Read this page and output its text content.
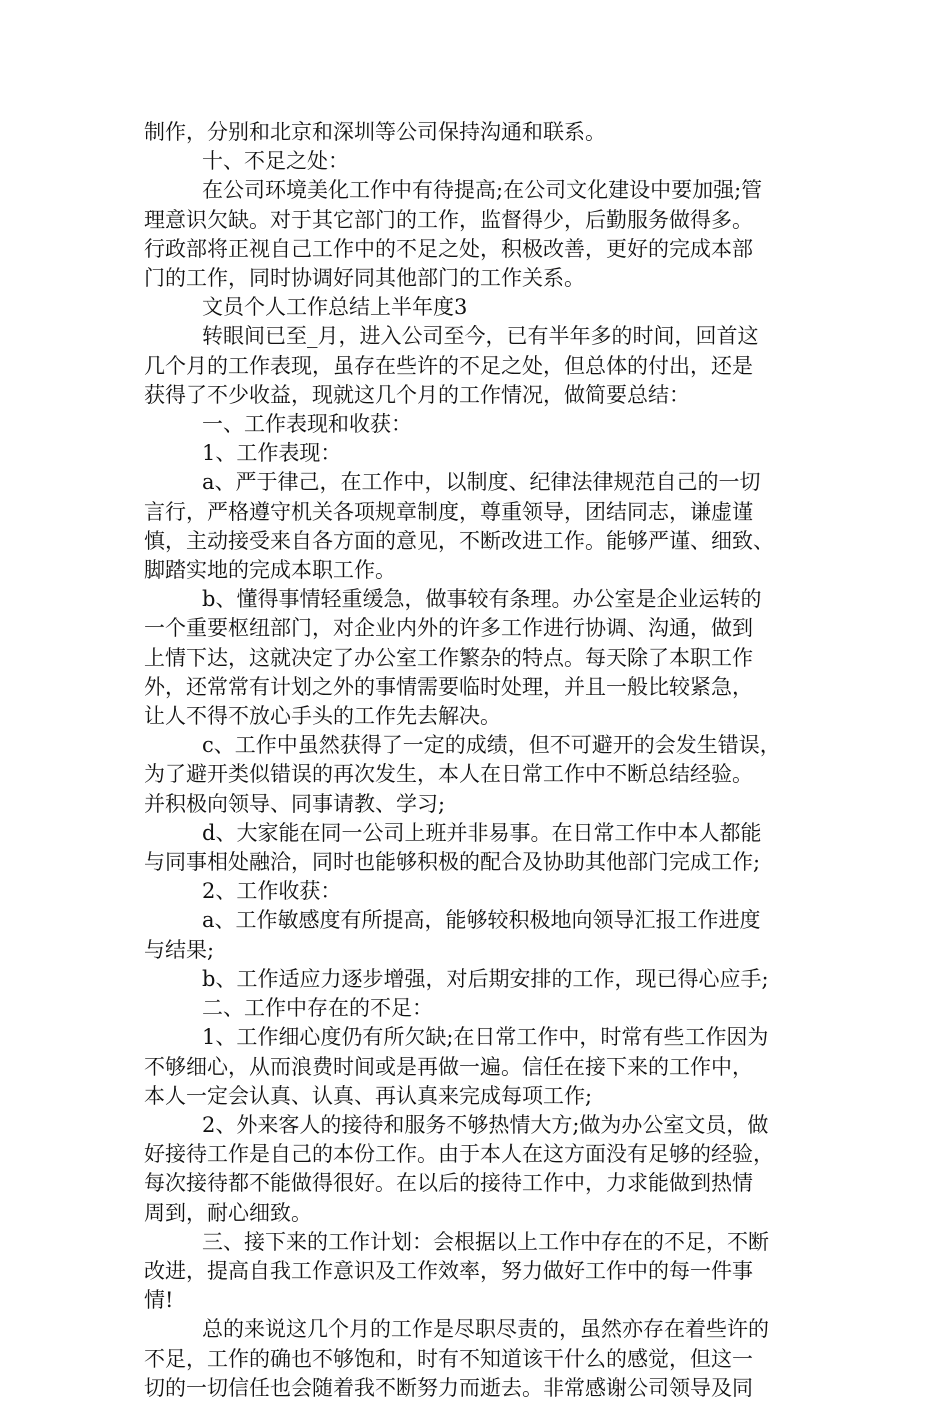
制作，分别和北京和深圳等公司保持沟通和联系。

十、不足之处：

在公司环境美化工作中有待提高;在公司文化建设中要加强;管

理意识欠缺。对于其它部门的工作，监督得少，后勤服务做得多。

行政部将正视自己工作中的不足之处，积极改善，更好的完成本部

门的工作，同时协调好同其他部门的工作关系。

文员个人工作总结上半年度3

转眼间已至_月，进入公司至今，已有半年多的时间，回首这

几个月的工作表现，虽存在些许的不足之处，但总体的付出，还是

获得了不少收益，现就这几个月的工作情况，做简要总结：

一、工作表现和收获：

1、工作表现：

a、严于律己，在工作中，以制度、纪律法律规范自己的一切

言行，严格遵守机关各项规章制度，尊重领导，团结同志，谦虚谨

慎，主动接受来自各方面的意见，不断改进工作。能够严谨、细致、

脚踏实地的完成本职工作。

b、懂得事情轻重缓急，做事较有条理。办公室是企业运转的

一个重要枢纽部门，对企业内外的许多工作进行协调、沟通，做到

上情下达，这就决定了办公室工作繁杂的特点。每天除了本职工作

外，还常常有计划之外的事情需要临时处理，并且一般比较紧急，

让人不得不放心手头的工作先去解决。

c、工作中虽然获得了一定的成绩，但不可避开的会发生错误，

为了避开类似错误的再次发生，本人在日常工作中不断总结经验。

并积极向领导、同事请教、学习;

d、大家能在同一公司上班并非易事。在日常工作中本人都能

与同事相处融洽，同时也能够积极的配合及协助其他部门完成工作;

2、工作收获：

a、工作敏感度有所提高，能够较积极地向领导汇报工作进度

与结果;

b、工作适应力逐步增强，对后期安排的工作，现已得心应手;

二、工作中存在的不足：

1、工作细心度仍有所欠缺;在日常工作中，时常有些工作因为

不够细心，从而浪费时间或是再做一遍。信任在接下来的工作中，

本人一定会认真、认真、再认真来完成每项工作;

2、外来客人的接待和服务不够热情大方;做为办公室文员，做

好接待工作是自己的本份工作。由于本人在这方面没有足够的经验，

每次接待都不能做得很好。在以后的接待工作中，力求能做到热情

周到，耐心细致。

三、接下来的工作计划：会根据以上工作中存在的不足，不断

改进，提高自我工作意识及工作效率，努力做好工作中的每一件事

情!

总的来说这几个月的工作是尽职尽责的，虽然亦存在着些许的

不足，工作的确也不够饱和，时有不知道该干什么的感觉，但这一

切的一切信任也会随着我不断努力而逝去。非常感谢公司领导及同
